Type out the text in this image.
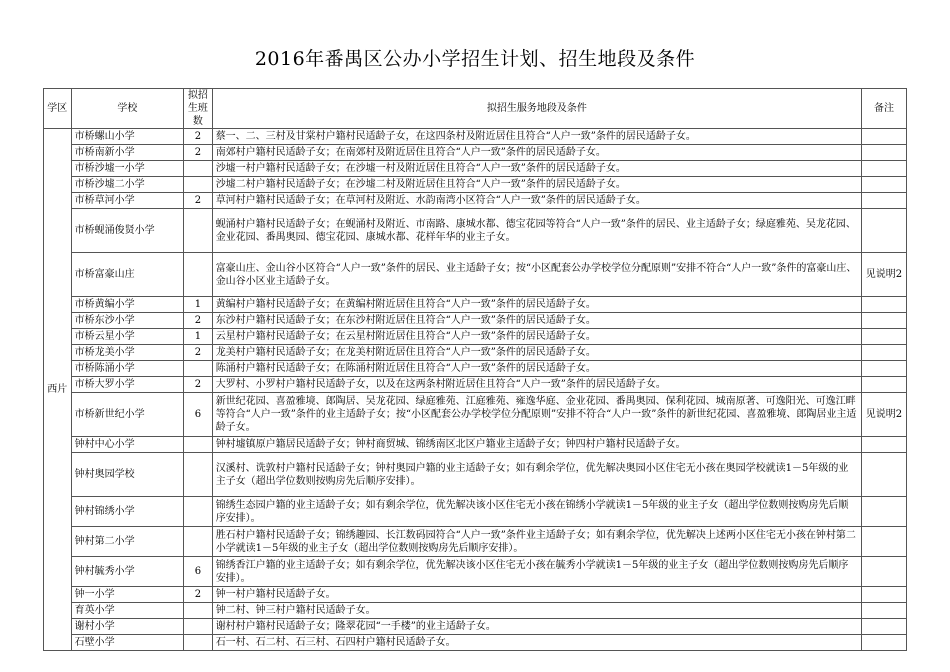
2016年番禺区公办小学招生计划、招生地段及条件
学区	学校	拟招生班数	拟招生服务地段及条件	备注
西片	市桥螺山小学	2	蔡一、二、三村及甘棠村户籍村民适龄子女，在这四条村及附近居住且符合“人户一致”条件的居民适龄子女。	
	市桥南新小学	2	南郊村户籍村民适龄子女；在南郊村及附近居住且符合“人户一致”条件的居民适龄子女。	
	市桥沙墟一小学		沙墟一村户籍村民适龄子女；在沙墟一村及附近居住且符合“人户一致”条件的居民适龄子女。	
	市桥沙墟二小学		沙墟二村户籍村民适龄子女；在沙墟二村及附近居住且符合“人户一致”条件的居民适龄子女。	
	市桥草河小学	2	草河村户籍村民适龄子女；在草河村及附近、水韵南湾小区符合“人户一致”条件的居民适龄子女。	
	市桥蚬涌俊贤小学		蚬涌村户籍村民适龄子女；在蚬涌村及附近、市南路、康城水都、德宝花园等符合“人户一致”条件的居民、业主适龄子女；绿庭雅苑、吴龙花园、金业花园、番禺奥园、德宝花园、康城水都、花样年华的业主子女。	
	市桥富豪山庄		富豪山庄、金山谷小区符合“人户一致”条件的居民、业主适龄子女；按“小区配套公办学校学位分配原则”安排不符合“人户一致”条件的富豪山庄、金山谷小区业主适龄子女。	见说明2
	市桥黄编小学	1	黄编村户籍村民适龄子女；在黄编村附近居住且符合“人户一致”条件的居民适龄子女。	
	市桥东沙小学	2	东沙村户籍村民适龄子女；在东沙村附近居住且符合“人户一致”条件的居民适龄子女。	
	市桥云星小学	1	云星村户籍村民适龄子女；在云星村附近居住且符合“人户一致”条件的居民适龄子女。	
	市桥龙美小学	2	龙美村户籍村民适龄子女；在龙美村附近居住且符合“人户一致”条件的居民适龄子女。	
	市桥陈涌小学		陈涌村户籍村民适龄子女；在陈涌村附近居住且符合“人户一致”条件的居民适龄子女。	
	市桥大罗小学	2	大罗村、小罗村户籍村民适龄子女，以及在这两条村附近居住且符合“人户一致”条件的居民适龄子女。	
	市桥新世纪小学	6	新世纪花园、喜盈雅境、郎陶居、吴龙花园、绿庭雅苑、江庭雅苑、雍逸华庭、金业花园、番禺奥园、保利花园、城南原著、可逸阳光、可逸江畔等符合“人户一致”条件的业主适龄子女；按“小区配套公办学校学位分配原则”安排不符合“人户一致”条件的新世纪花园、喜盈雅境、郎陶居业主适龄子女。	见说明2
	钟村中心小学		钟村墟镇原户籍居民适龄子女；钟村商贸城、锦绣南区北区户籍业主适龄子女；钟四村户籍村民适龄子女。	
	钟村奥园学校		汉溪村、诜敦村户籍村民适龄子女；钟村奥园户籍的业主适龄子女；如有剩余学位，优先解决奥园小区住宅无小孩在奥园学校就读1－5年级的业主子女（超出学位数则按购房先后顺序安排）。	
	钟村锦绣小学		锦绣生态园户籍的业主适龄子女；如有剩余学位，优先解决该小区住宅无小孩在锦绣小学就读1－5年级的业主子女（超出学位数则按购房先后顺序安排）。	
	钟村第二小学		胜石村户籍村民适龄子女；锦绣趣园、长江数码园符合“人户一致”条件业主适龄子女；如有剩余学位，优先解决上述两小区住宅无小孩在钟村第二小学就读1－5年级的业主子女（超出学位数则按购房先后顺序安排）。	
	钟村毓秀小学	6	锦绣香江户籍的业主适龄子女；如有剩余学位，优先解决该小区住宅无小孩在毓秀小学就读1－5年级的业主子女（超出学位数则按购房先后顺序安排）。	
	钟一小学	2	钟一村户籍村民适龄子女。	
	育英小学		钟二村、钟三村户籍村民适龄子女。	
	谢村小学		谢村村户籍村民适龄子女；隆翠花园“一手楼”的业主适龄子女。	
	石壁小学		石一村、石二村、石三村、石四村户籍村民适龄子女。	
